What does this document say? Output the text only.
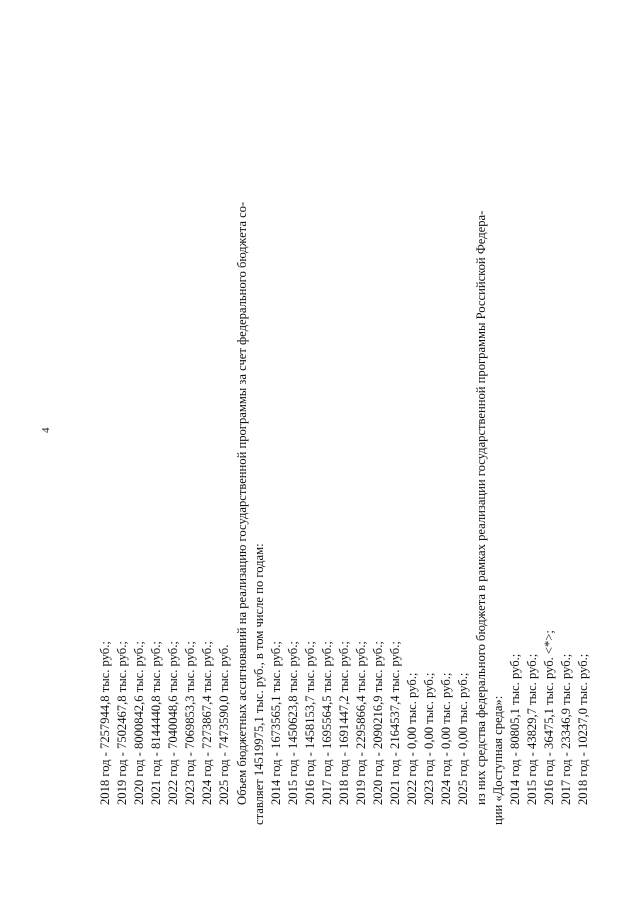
4
2018 год - 7257944,8 тыс. руб.; 2019 год - 7502467,8 тыс. руб.; 2020 год - 8000842,6 тыс. руб.; 2021 год - 8144440,8 тыс. руб.; 2022 год - 7040048,6 тыс. руб.; 2023 год - 7069853,3 тыс. руб.; 2024 год - 7273867,4 тыс. руб.; 2025 год - 7473590,0 тыс. руб. Объем бюджетных ассигнований на реализацию государственной программы за счет федерального бюджета со- ставляет 14519975,1 тыс. руб., в том числе по годам: 2014 год - 1673565,1 тыс. руб.; 2015 год - 1450623,8 тыс. руб.; 2016 год - 1458153,7 тыс. руб.; 2017 год - 1695564,5 тыс. руб.; 2018 год - 1691447,2 тыс. руб.; 2019 год - 2295866,4 тыс. руб.; 2020 год - 2090216,9 тыс. руб.; 2021 год - 2164537,4 тыс. руб.; 2022 год - 0,00 тыс. руб.; 2023 год - 0,00 тыс. руб.; 2024 год - 0,00 тыс. руб.; 2025 год - 0,00 тыс. руб.; из них средства федерального бюджета в рамках реализации государственной программы Российской Федера- ции «Доступная среда»: 2014 год - 80805,1 тыс. руб.; 2015 год - 43829,7 тыс. руб.; 2016 год - 36475,1 тыс. руб. <*>; 2017 год - 23346,9 тыс. руб.; 2018 год - 10237,0 тыс. руб.;
